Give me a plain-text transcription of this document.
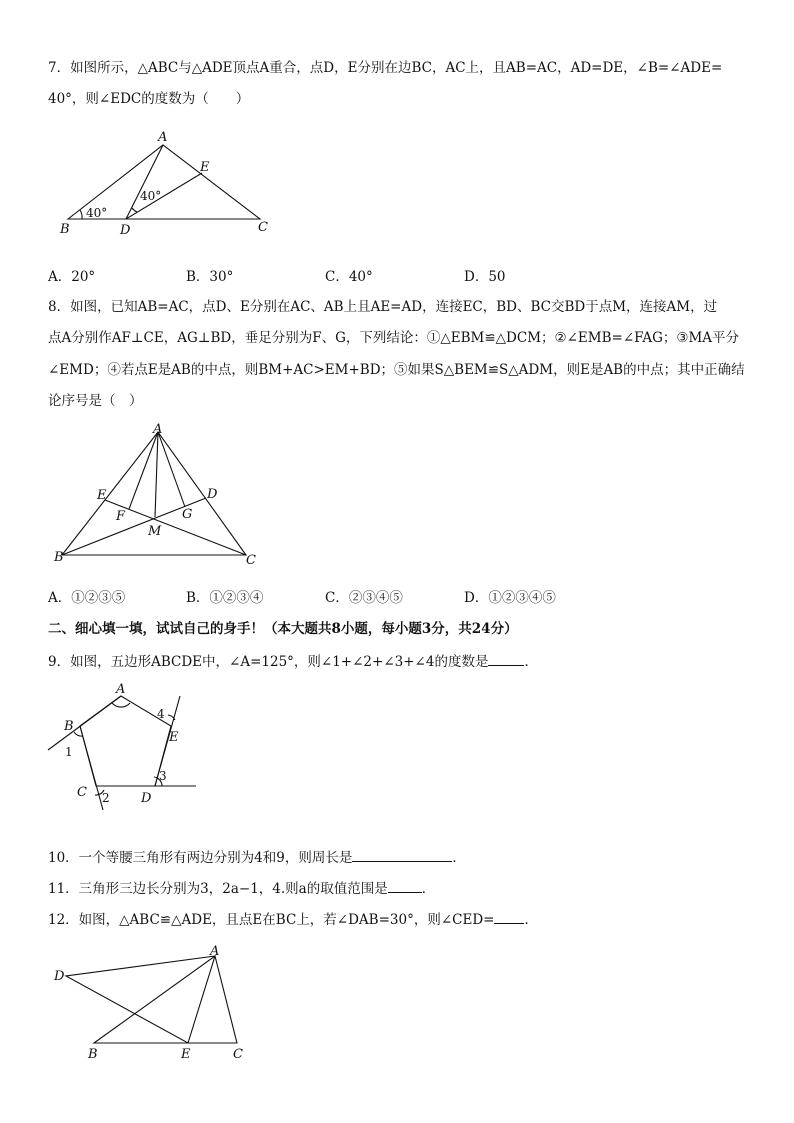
7．如图所示，△ABC与△ADE顶点A重合，点D，E分别在边BC，AC上，且AB=AC，AD=DE，∠B=∠ADE=
40°，则∠EDC的度数为（　　）
A
B	C
D
E
40°
40°
A．20°	B．30°	C．40°	D．50
8．如图，已知AB=AC，点D、E分别在AC、AB上且AE=AD，连接EC，BD、BC交BD于点M，连接AM，过
点A分别作AF⊥CE，AG⊥BD，垂足分别为F、G，下列结论：①△EBM≌△DCM；②∠EMB=∠FAG；③MA平分
∠EMD；④若点E是AB的中点，则BM+AC>EM+BD；⑤如果S△BEM≌S△ADM，则E是AB的中点；其中正确结
论序号是（　）
A
B	C
D
E
F	G
M
A．①②③⑤	B．①②③④	C．②③④⑤	D．①②③④⑤
二、细心填一填，试试自己的身手！（本大题共8小题，每小题3分，共24分）
9．如图，五边形ABCDE中，∠A=125°，则∠1+∠2+∠3+∠4的度数是	．
A
B
C	D
E
1
2
3
4
10．一个等腰三角形有两边分别为4和9，则周长是	．
11．三角形三边长分别为3，2a−1，4.则a的取值范围是	．
12．如图，△ABC≌△ADE，且点E在BC上，若∠DAB=30°，则∠CED= ．
A
B	C
D
E
